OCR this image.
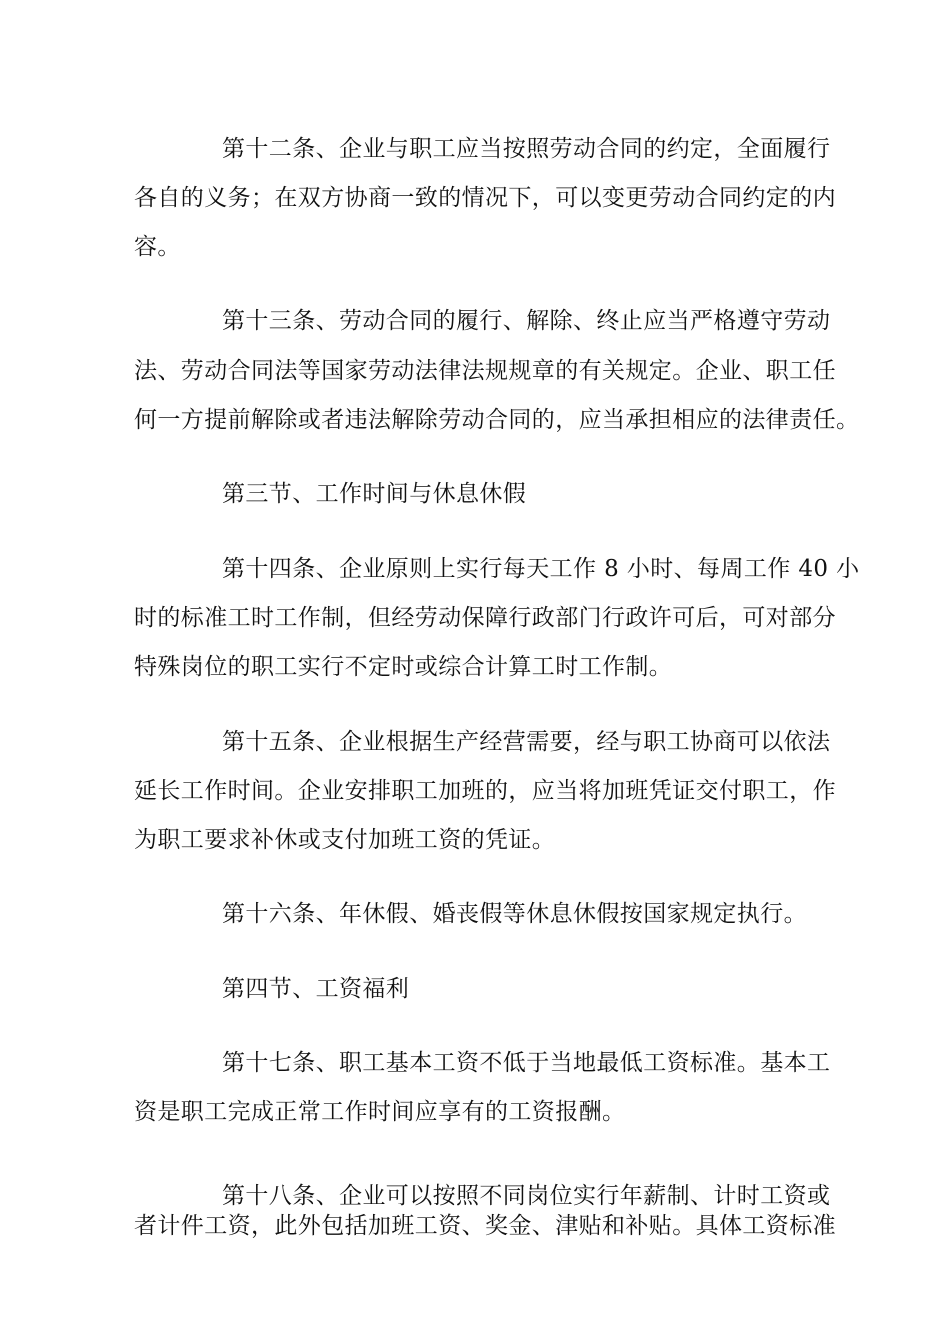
第十二条、企业与职工应当按照劳动合同的约定，全面履行
各自的义务；在双方协商一致的情况下，可以变更劳动合同约定的内
容。
第十三条、劳动合同的履行、解除、终止应当严格遵守劳动
法、劳动合同法等国家劳动法律法规规章的有关规定。企业、职工任
何一方提前解除或者违法解除劳动合同的，应当承担相应的法律责任。
第三节、工作时间与休息休假
第十四条、企业原则上实行每天工作 8 小时、每周工作 40 小
时的标准工时工作制，但经劳动保障行政部门行政许可后，可对部分
特殊岗位的职工实行不定时或综合计算工时工作制。
第十五条、企业根据生产经营需要，经与职工协商可以依法
延长工作时间。企业安排职工加班的，应当将加班凭证交付职工，作
为职工要求补休或支付加班工资的凭证。
第十六条、年休假、婚丧假等休息休假按国家规定执行。
第四节、工资福利
第十七条、职工基本工资不低于当地最低工资标准。基本工
资是职工完成正常工作时间应享有的工资报酬。
第十八条、企业可以按照不同岗位实行年薪制、计时工资或
者计件工资，此外包括加班工资、奖金、津贴和补贴。具体工资标准
